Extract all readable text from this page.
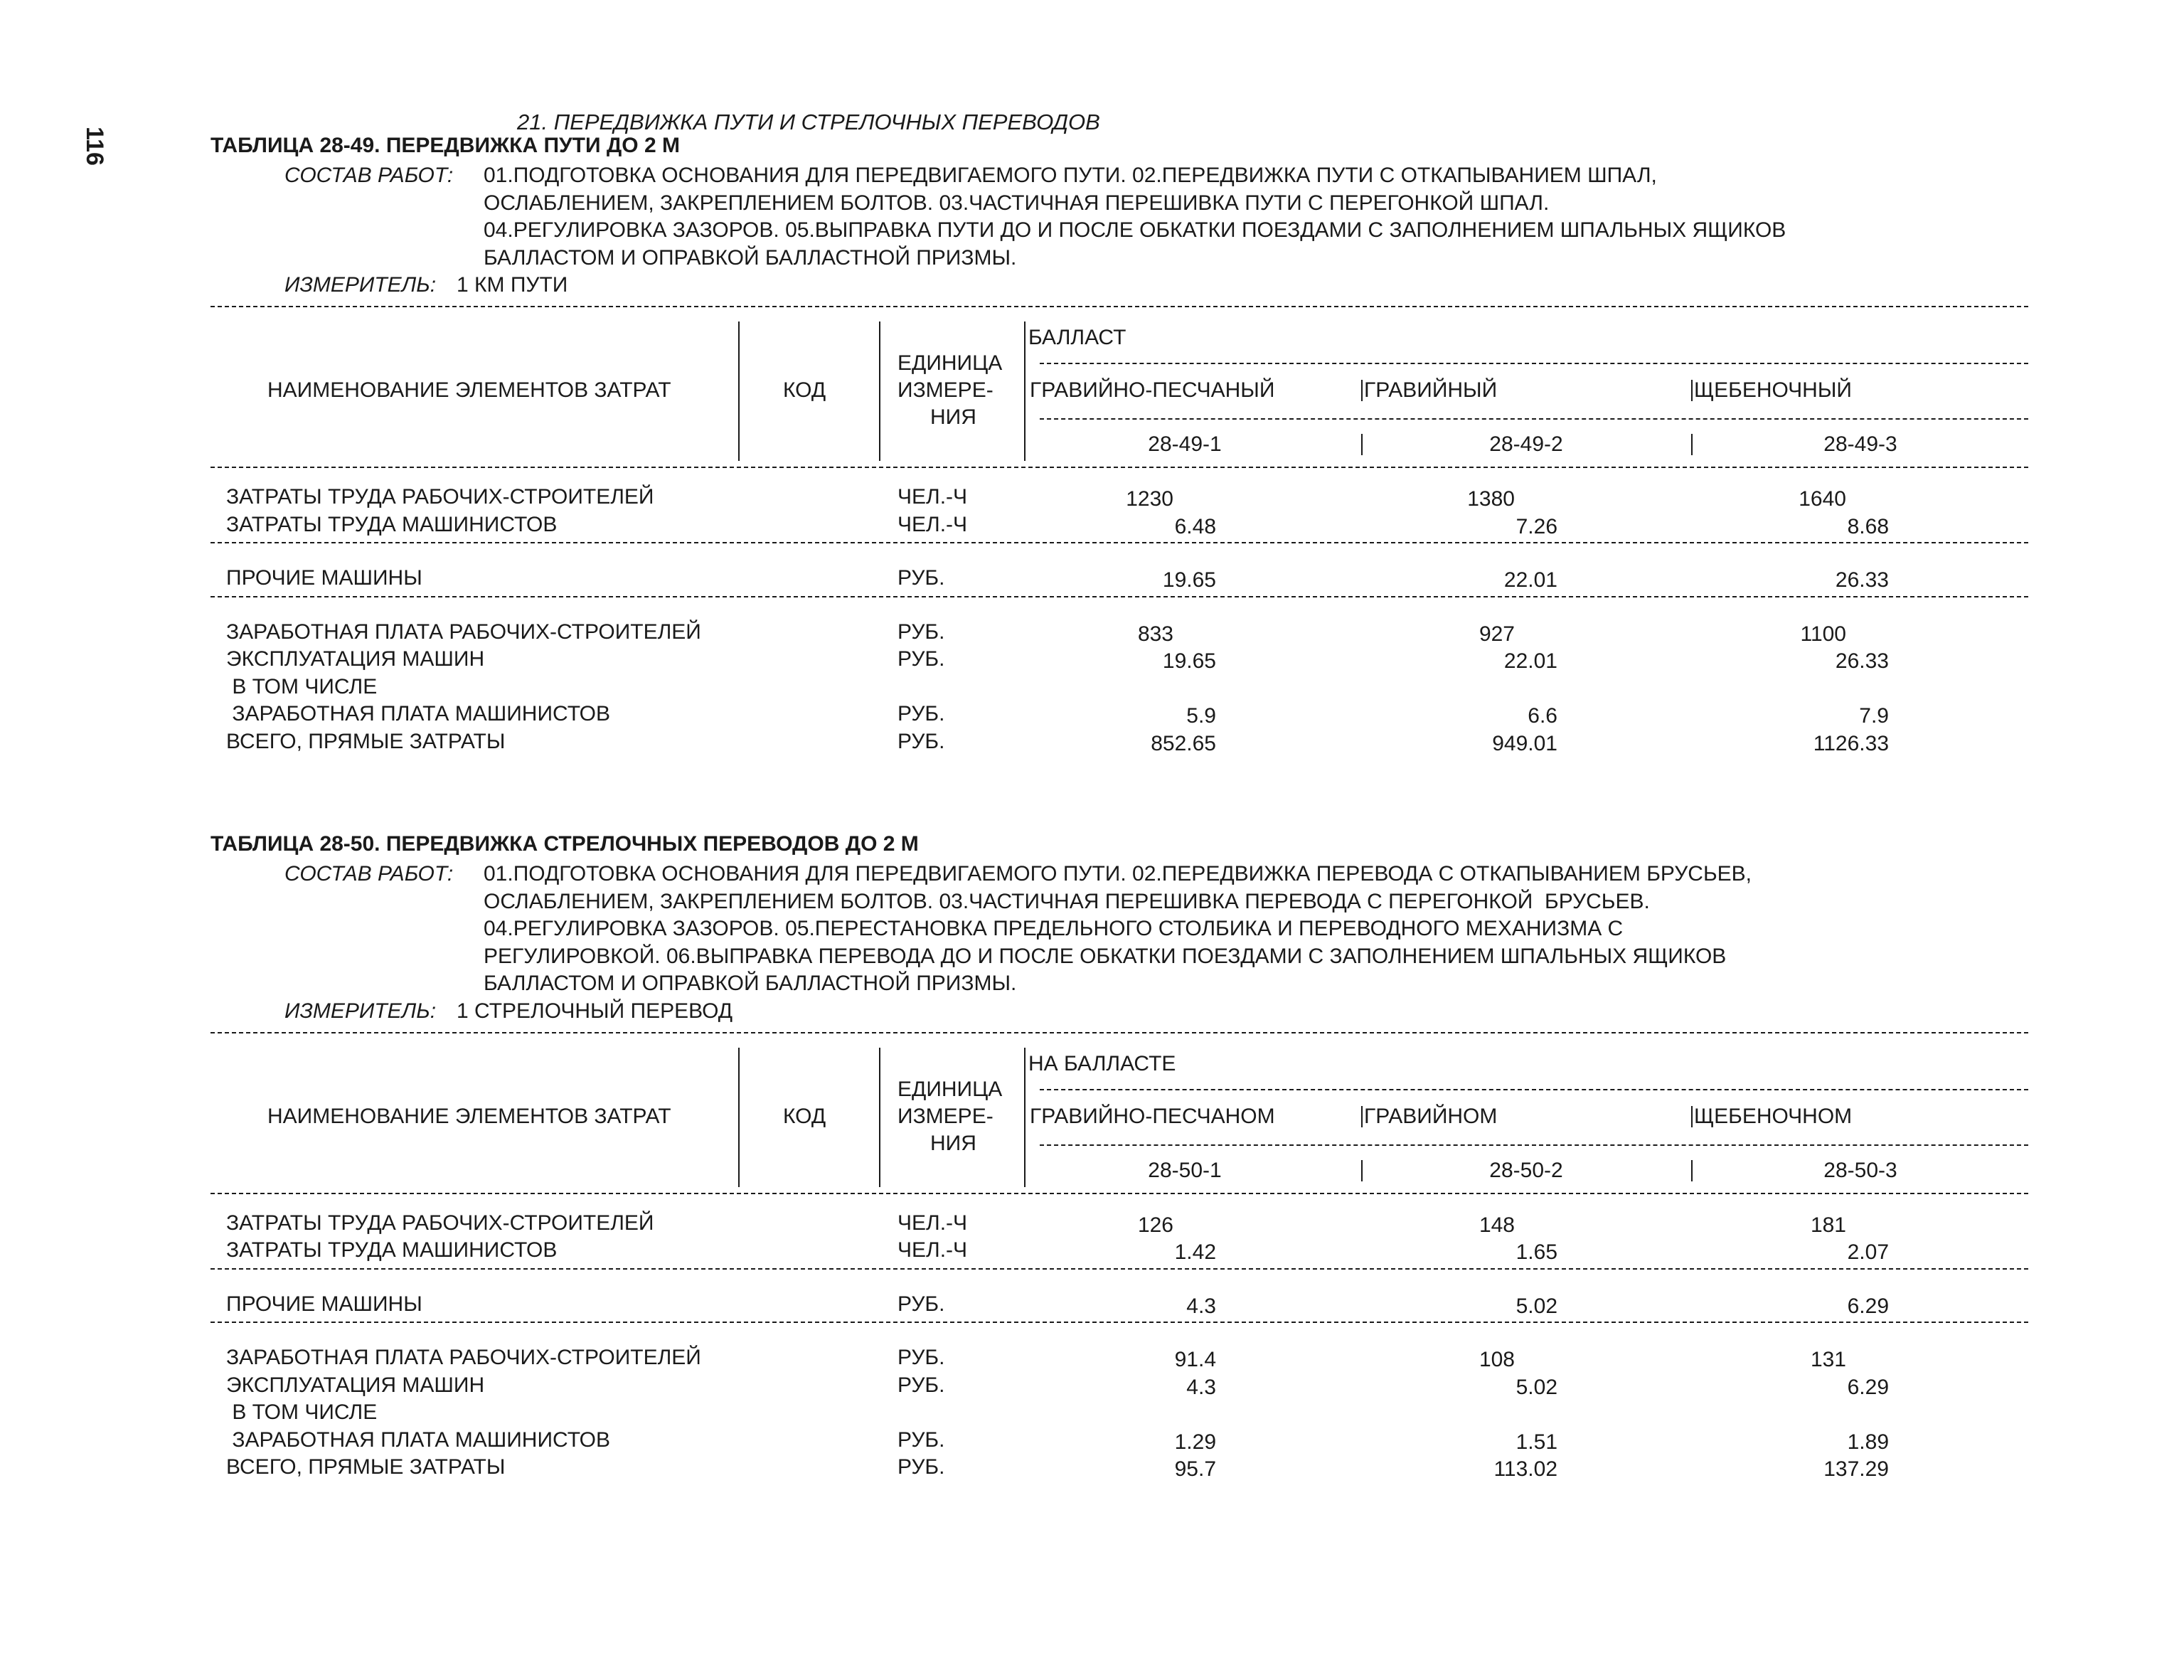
116
21. ПЕРЕДВИЖКА ПУТИ И СТРЕЛОЧНЫХ ПЕРЕВОДОВ
ТАБЛИЦА 28-49. ПЕРЕДВИЖКА ПУТИ ДО 2 М
СОСТАВ РАБОТ: 01.ПОДГОТОВКА ОСНОВАНИЯ ДЛЯ ПЕРЕДВИГАЕМОГО ПУТИ. 02.ПЕРЕДВИЖКА ПУТИ С ОТКАПЫВАНИЕМ ШПАЛ,
ОСЛАБЛЕНИЕМ, ЗАКРЕПЛЕНИЕМ БОЛТОВ. 03.ЧАСТИЧНАЯ ПЕРЕШИВКА ПУТИ С ПЕРЕГОНКОЙ ШПАЛ.
04.РЕГУЛИРОВКА ЗАЗОРОВ. 05.ВЫПРАВКА ПУТИ ДО И ПОСЛЕ ОБКАТКИ ПОЕЗДАМИ С ЗАПОЛНЕНИЕМ ШПАЛЬНЫХ ЯЩИКОВ
БАЛЛАСТОМ И ОПРАВКОЙ БАЛЛАСТНОЙ ПРИЗМЫ.
ИЗМЕРИТЕЛЬ: 1 КМ ПУТИ
БАЛЛАСТ
НАИМЕНОВАНИЕ ЭЛЕМЕНТОВ ЗАТРАТ	КОД
ЕДИНИЦА
ИЗМЕРЕ-
НИЯ
ГРАВИЙНО-ПЕСЧАНЫЙ	ГРАВИЙНЫЙ	ЩЕБЕНОЧНЫЙ
28-49-1	28-49-2	28-49-3
ЗАТРАТЫ ТРУДА РАБОЧИХ-СТРОИТЕЛЕЙ	ЧЕЛ.-Ч	1230	1380	1640
ЗАТРАТЫ ТРУДА МАШИНИСТОВ	ЧЕЛ.-Ч	6.48	7.26	8.68
ПРОЧИЕ МАШИНЫ	РУБ.	19.65	22.01	26.33
ЗАРАБОТНАЯ ПЛАТА РАБОЧИХ-СТРОИТЕЛЕЙ	РУБ.	833	927	1100
ЭКСПЛУАТАЦИЯ МАШИН	РУБ.	19.65	22.01	26.33
В ТОМ ЧИСЛЕ
ЗАРАБОТНАЯ ПЛАТА МАШИНИСТОВ	РУБ.	5.9	6.6	7.9
ВСЕГО, ПРЯМЫЕ ЗАТРАТЫ	РУБ.	852.65	949.01	1126.33
ТАБЛИЦА 28-50. ПЕРЕДВИЖКА СТРЕЛОЧНЫХ ПЕРЕВОДОВ ДО 2 М
СОСТАВ РАБОТ: 01.ПОДГОТОВКА ОСНОВАНИЯ ДЛЯ ПЕРЕДВИГАЕМОГО ПУТИ. 02.ПЕРЕДВИЖКА ПЕРЕВОДА С ОТКАПЫВАНИЕМ БРУСЬЕВ,
ОСЛАБЛЕНИЕМ, ЗАКРЕПЛЕНИЕМ БОЛТОВ. 03.ЧАСТИЧНАЯ ПЕРЕШИВКА ПЕРЕВОДА С ПЕРЕГОНКОЙ  БРУСЬЕВ.
04.РЕГУЛИРОВКА ЗАЗОРОВ. 05.ПЕРЕСТАНОВКА ПРЕДЕЛЬНОГО СТОЛБИКА И ПЕРЕВОДНОГО МЕХАНИЗМА С
РЕГУЛИРОВКОЙ. 06.ВЫПРАВКА ПЕРЕВОДА ДО И ПОСЛЕ ОБКАТКИ ПОЕЗДАМИ С ЗАПОЛНЕНИЕМ ШПАЛЬНЫХ ЯЩИКОВ
БАЛЛАСТОМ И ОПРАВКОЙ БАЛЛАСТНОЙ ПРИЗМЫ.
ИЗМЕРИТЕЛЬ: 1 СТРЕЛОЧНЫЙ ПЕРЕВОД
НА БАЛЛАСТЕ
НАИМЕНОВАНИЕ ЭЛЕМЕНТОВ ЗАТРАТ	КОД
ЕДИНИЦА
ИЗМЕРЕ-
НИЯ
ГРАВИЙНО-ПЕСЧАНОМ	ГРАВИЙНОМ	ЩЕБЕНОЧНОМ
28-50-1	28-50-2	28-50-3
ЗАТРАТЫ ТРУДА РАБОЧИХ-СТРОИТЕЛЕЙ	ЧЕЛ.-Ч	126	148	181
ЗАТРАТЫ ТРУДА МАШИНИСТОВ	ЧЕЛ.-Ч	1.42	1.65	2.07
ПРОЧИЕ МАШИНЫ	РУБ.	4.3	5.02	6.29
ЗАРАБОТНАЯ ПЛАТА РАБОЧИХ-СТРОИТЕЛЕЙ	РУБ.	91.4	108	131
ЭКСПЛУАТАЦИЯ МАШИН	РУБ.	4.3	5.02	6.29
В ТОМ ЧИСЛЕ
ЗАРАБОТНАЯ ПЛАТА МАШИНИСТОВ	РУБ.	1.29	1.51	1.89
ВСЕГО, ПРЯМЫЕ ЗАТРАТЫ	РУБ.	95.7	113.02	137.29
